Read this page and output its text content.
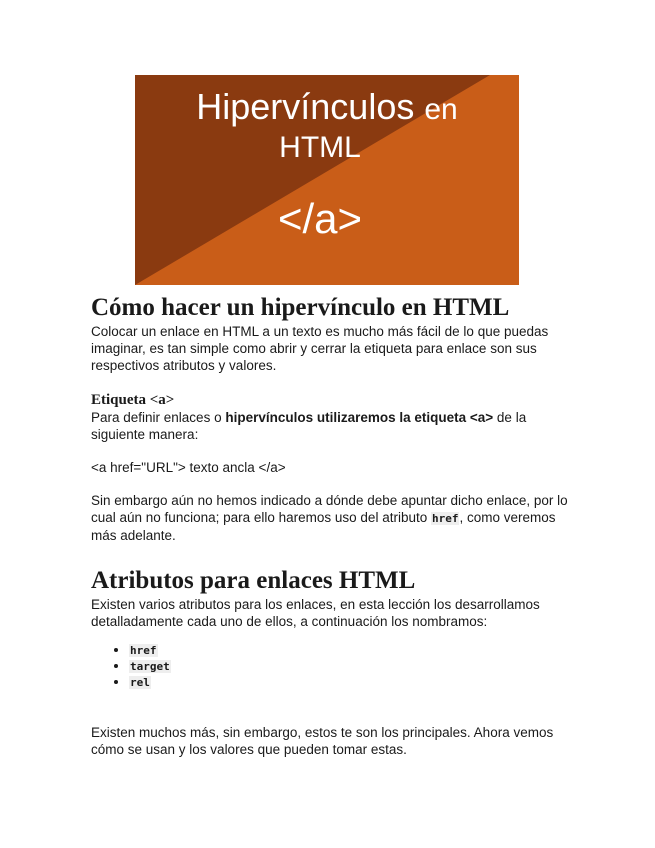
Hipervínculos en
HTML
</a>
Cómo hacer un hipervínculo en HTML

Colocar un enlace en HTML a un texto es mucho más fácil de lo que puedas imaginar, es tan simple como abrir y cerrar la etiqueta para enlace son sus respectivos atributos y valores.

Etiqueta <a>

Para definir enlaces o hipervínculos utilizaremos la etiqueta <a> de la siguiente manera:

<a href="URL"> texto ancla </a>

Sin embargo aún no hemos indicado a dónde debe apuntar dicho enlace, por lo cual aún no funciona; para ello haremos uso del atributo href, como veremos más adelante.

Atributos para enlaces HTML

Existen varios atributos para los enlaces, en esta lección los desarrollamos detalladamente cada uno de ellos, a continuación los nombramos:

• href
• target
• rel

Existen muchos más, sin embargo, estos te son los principales. Ahora vemos cómo se usan y los valores que pueden tomar estas.
